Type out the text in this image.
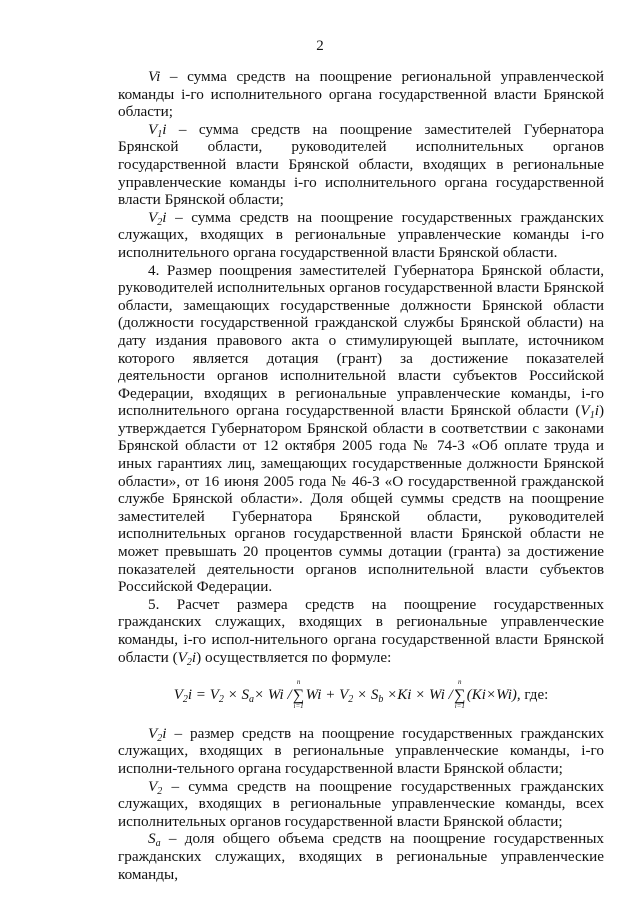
2

Vi – сумма средств на поощрение региональной управленческой команды i-го исполнительного органа государственной власти Брянской области;

$V_1i$ – сумма средств на поощрение заместителей Губернатора Брянской области, руководителей исполнительных органов государственной власти Брянской области, входящих в региональные управленческие команды i-го исполнительного органа государственной власти Брянской области;

$V_2i$ – сумма средств на поощрение государственных гражданских служащих, входящих в региональные управленческие команды i-го исполнительного органа государственной власти Брянской области.

4. Размер поощрения заместителей Губернатора Брянской области, руководителей исполнительных органов государственной власти Брянской области, замещающих государственные должности Брянской области (должности государственной гражданской службы Брянской области) на дату издания правового акта о стимулирующей выплате, источником которого является дотация (грант) за достижение показателей деятельности органов исполнительной власти субъектов Российской Федерации, входящих в региональные управленческие команды, i-го исполнительного органа государственной власти Брянской области $(V_1i)$ утверждается Губернатором Брянской области в соответствии с законами Брянской области от 12 октября 2005 года № 74-З «Об оплате труда и иных гарантиях лиц, замещающих государственные должности Брянской области», от 16 июня 2005 года № 46-З «О государственной гражданской службе Брянской области». Доля общей суммы средств на поощрение заместителей Губернатора Брянской области, руководителей исполнительных органов государственной власти Брянской области не может превышать 20 процентов суммы дотации (гранта) за достижение показателей деятельности органов исполнительной власти субъектов Российской Федерации.

5. Расчет размера средств на поощрение государственных гражданских служащих, входящих в региональные управленческие команды, i-го испол-нительного органа государственной власти Брянской области $(V_2i)$ осуществляется по формуле:

$V_2i = V_2 \times S_a\times Wi$ /
n
∑
i=1
$Wi + V_2 \times S_b \times Ki \times Wi$ /
n
∑
i=1
(Ki×Wi), где:

$V_2i$ – размер средств на поощрение государственных гражданских служащих, входящих в региональные управленческие команды, i-го исполни-тельного органа государственной власти Брянской области;

$V_2$ – сумма средств на поощрение государственных гражданских служащих, входящих в региональные управленческие команды, всех исполнительных органов государственной власти Брянской области;

$S_a$ – доля общего объема средств на поощрение государственных гражданских служащих, входящих в региональные управленческие команды,
